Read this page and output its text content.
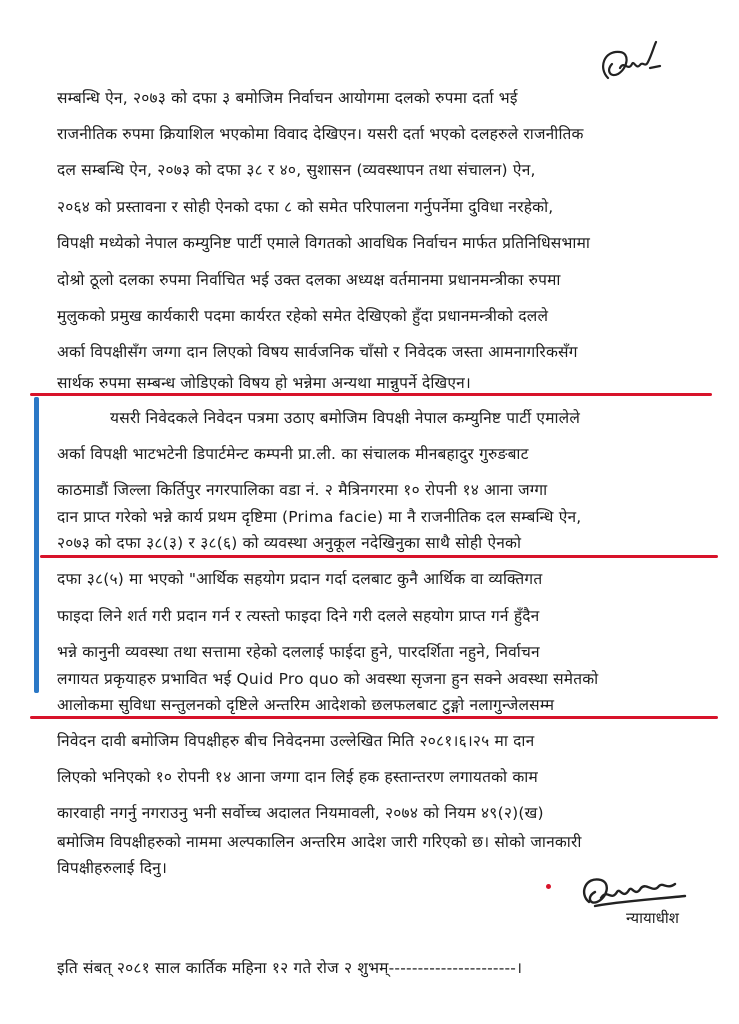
सम्बन्धि ऐन, २०७३ को दफा ३ बमोजिम निर्वाचन आयोगमा दलको रुपमा दर्ता भई
राजनीतिक रुपमा क्रियाशिल भएकोमा विवाद देखिएन। यसरी दर्ता भएको दलहरुले राजनीतिक
दल सम्बन्धि ऐन, २०७३ को दफा ३८ र ४०, सुशासन (व्यवस्थापन तथा संचालन) ऐन,
२०६४ को प्रस्तावना र सोही ऐनको दफा ८ को समेत परिपालना गर्नुपर्नेमा दुविधा नरहेको,
विपक्षी मध्येको नेपाल कम्युनिष्ट पार्टी एमाले विगतको आवधिक निर्वाचन मार्फत प्रतिनिधिसभामा
दोश्रो ठूलो दलका रुपमा निर्वाचित भई उक्त दलका अध्यक्ष वर्तमानमा प्रधानमन्त्रीका रुपमा
मुलुकको प्रमुख कार्यकारी पदमा कार्यरत रहेको समेत देखिएको हुँदा प्रधानमन्त्रीको दलले
अर्का विपक्षीसँग जग्गा दान लिएको विषय सार्वजनिक चाँसो र निवेदक जस्ता आमनागरिकसँग
सार्थक रुपमा सम्बन्ध जोडिएको विषय हो भन्नेमा अन्यथा मान्नुपर्ने देखिएन।
यसरी निवेदकले निवेदन पत्रमा उठाए बमोजिम विपक्षी नेपाल कम्युनिष्ट पार्टी एमालेले
अर्का विपक्षी भाटभटेनी डिपार्टमेन्ट कम्पनी प्रा.ली. का संचालक मीनबहादुर गुरुङबाट
काठमाडौं जिल्ला किर्तिपुर नगरपालिका वडा नं. २ मैत्रिनगरमा १० रोपनी १४ आना जग्गा
दान प्राप्त गरेको भन्ने कार्य प्रथम दृष्टिमा (Prima facie) मा नै राजनीतिक दल सम्बन्धि ऐन,
२०७३ को दफा ३८(३) र ३८(६) को व्यवस्था अनुकूल नदेखिनुका साथै सोही ऐनको
दफा ३८(५) मा भएको "आर्थिक सहयोग प्रदान गर्दा दलबाट कुनै आर्थिक वा व्यक्तिगत
फाइदा लिने शर्त गरी प्रदान गर्न र त्यस्तो फाइदा दिने गरी दलले सहयोग प्राप्त गर्न हुँदैन
भन्ने कानुनी व्यवस्था तथा सत्तामा रहेको दललाई फाईदा हुने, पारदर्शिता नहुने, निर्वाचन
लगायत प्रकृयाहरु प्रभावित भई Quid Pro quo को अवस्था सृजना हुन सक्ने अवस्था समेतको
आलोकमा सुविधा सन्तुलनको दृष्टिले अन्तरिम आदेशको छलफलबाट टुङ्गो नलागुन्जेलसम्म
निवेदन दावी बमोजिम विपक्षीहरु बीच निवेदनमा उल्लेखित मिति २०८१।६।२५ मा दान
लिएको भनिएको १० रोपनी १४ आना जग्गा दान लिई हक हस्तान्तरण लगायतको काम
कारवाही नगर्नु नगराउनु भनी सर्वोच्च अदालत नियमावली, २०७४ को नियम ४९(२)(ख)
बमोजिम विपक्षीहरुको नाममा अल्पकालिन अन्तरिम आदेश जारी गरिएको छ। सोको जानकारी
विपक्षीहरुलाई दिनु।
न्यायाधीश
इति संबत् २०८१ साल कार्तिक महिना १२ गते रोज २ शुभम्----------------------।
